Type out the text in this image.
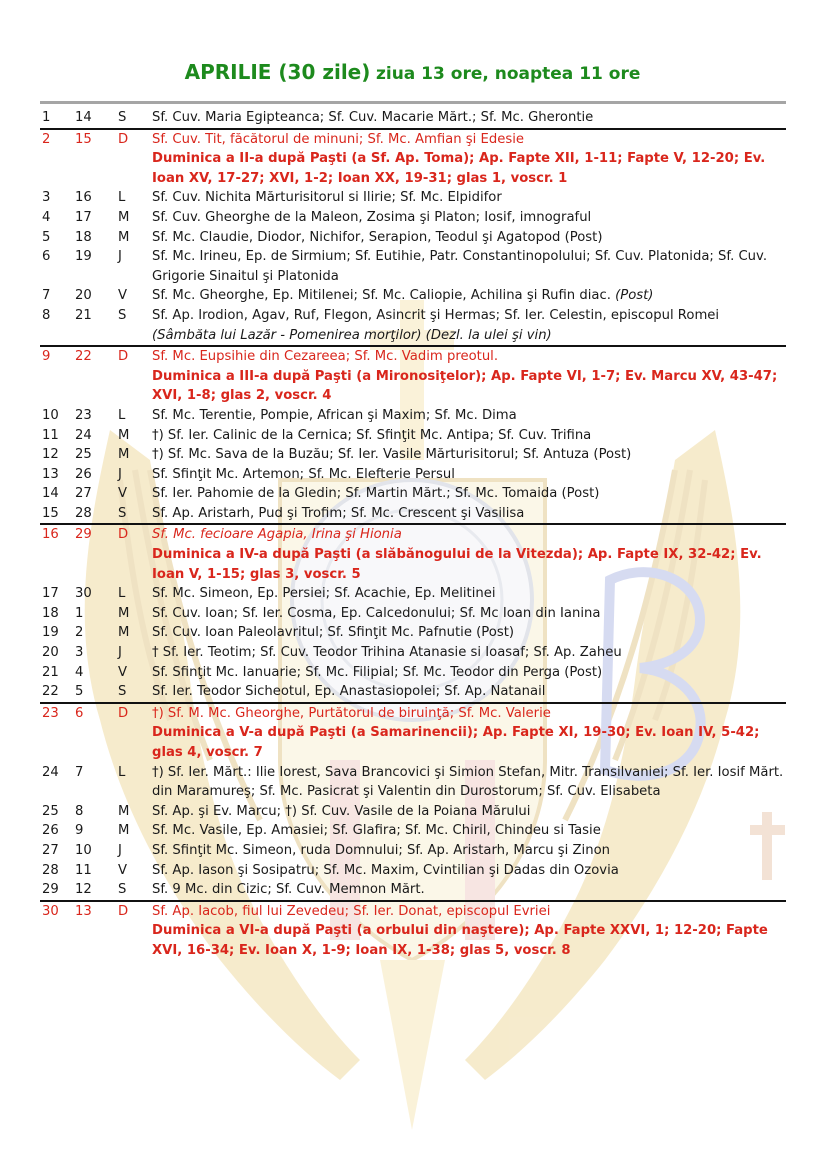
APRILIE (30 zile) ziua 13 ore, noaptea 11 ore
1	14	S	Sf. Cuv. Maria Egipteanca; Sf. Cuv. Macarie Mărt.; Sf. Mc. Gherontie
2	15	D	Sf. Cuv. Tit, făcătorul de minuni; Sf. Mc. Amfian şi Edesie
Duminica a II-a după Paşti (a Sf. Ap. Toma); Ap. Fapte XII, 1-11; Fapte V, 12-20; Ev. Ioan XV, 17-27; XVI, 1-2; Ioan XX, 19-31; glas 1, voscr. 1
3	16	L	Sf. Cuv. Nichita Mărturisitorul si Ilirie; Sf. Mc. Elpidifor
4	17	M	Sf. Cuv. Gheorghe de la Maleon, Zosima şi Platon; Iosif, imnograful
5	18	M	Sf. Mc. Claudie, Diodor, Nichifor, Serapion, Teodul şi Agatopod (Post)
6	19	J	Sf. Mc. Irineu, Ep. de Sirmium; Sf. Eutihie, Patr. Constantinopolului; Sf. Cuv. Platonida; Sf. Cuv. Grigorie Sinaitul şi Platonida
7	20	V	Sf. Mc. Gheorghe, Ep. Mitilenei; Sf. Mc. Caliopie, Achilina şi Rufin diac. (Post)
8	21	S	Sf. Ap. Irodion, Agav, Ruf, Flegon, Asincrit şi Hermas; Sf. Ier. Celestin, episcopul Romei (Sâmbăta lui Lazăr - Pomenirea morţilor) (Dezl. la ulei şi vin)
9	22	D	Sf. Mc. Eupsihie din Cezareea; Sf. Mc. Vadim preotul.
Duminica a III-a după Paşti (a Mironosiţelor); Ap. Fapte VI, 1-7; Ev. Marcu XV, 43-47; XVI, 1-8; glas 2, voscr. 4
10	23	L	Sf. Mc. Terentie, Pompie, African şi Maxim; Sf. Mc. Dima
11	24	M	†) Sf. Ier. Calinic de la Cernica; Sf. Sfinţit Mc. Antipa; Sf. Cuv. Trifina
12	25	M	†) Sf. Mc. Sava de la Buzău; Sf. Ier. Vasile Mărturisitorul; Sf. Antuza (Post)
13	26	J	Sf. Sfinţit Mc. Artemon; Sf. Mc. Elefterie Persul
14	27	V	Sf. Ier. Pahomie de la Gledin; Sf. Martin Mărt.; Sf. Mc. Tomaida (Post)
15	28	S	Sf. Ap. Aristarh, Pud şi Trofim; Sf. Mc. Crescent şi Vasilisa
16	29	D	Sf. Mc. fecioare Agapia, Irina şi Hionia
Duminica a IV-a după Paşti (a slăbănogului de la Vitezda); Ap. Fapte IX, 32-42; Ev. Ioan V, 1-15; glas 3, voscr. 5
17	30	L	Sf. Mc. Simeon, Ep. Persiei; Sf. Acachie, Ep. Melitinei
18	1	M	Sf. Cuv. Ioan; Sf. Ier. Cosma, Ep. Calcedonului; Sf. Mc Ioan din Ianina
19	2	M	Sf. Cuv. Ioan Paleolavritul; Sf. Sfinţit Mc. Pafnutie (Post)
20	3	J	† Sf. Ier. Teotim; Sf. Cuv. Teodor Trihina Atanasie si Ioasaf; Sf. Ap. Zaheu
21	4	V	Sf. Sfinţit Mc. Ianuarie; Sf. Mc. Filipial; Sf. Mc. Teodor din Perga (Post)
22	5	S	Sf. Ier. Teodor Sicheotul, Ep. Anastasiopolei; Sf. Ap. Natanail
23	6	D	†) Sf. M. Mc. Gheorghe, Purtătorul de biruinţă; Sf. Mc. Valerie
Duminica a V-a după Paşti (a Samarinencii); Ap. Fapte XI, 19-30; Ev. Ioan IV, 5-42; glas 4, voscr. 7
24	7	L	†) Sf. Ier. Mărt.: Ilie Iorest, Sava Brancovici şi Simion Stefan, Mitr. Transilvaniei; Sf. Ier. Iosif Mărt. din Maramureş; Sf. Mc. Pasicrat şi Valentin din Durostorum; Sf. Cuv. Elisabeta
25	8	M	Sf. Ap. şi Ev. Marcu; †) Sf. Cuv. Vasile de la Poiana Mărului
26	9	M	Sf. Mc. Vasile, Ep. Amasiei; Sf. Glafira; Sf. Mc. Chiril, Chindeu si Tasie
27	10	J	Sf. Sfinţit Mc. Simeon, ruda Domnului; Sf. Ap. Aristarh, Marcu şi Zinon
28	11	V	Sf. Ap. Iason şi Sosipatru; Sf. Mc. Maxim, Cvintilian şi Dadas din Ozovia
29	12	S	Sf. 9 Mc. din Cizic; Sf. Cuv. Memnon Mărt.
30	13	D	Sf. Ap. Iacob, fiul lui Zevedeu; Sf. Ier. Donat, episcopul Evriei
Duminica a VI-a după Paşti (a orbului din naştere); Ap. Fapte XXVI, 1; 12-20; Fapte XVI, 16-34; Ev. Ioan X, 1-9; Ioan IX, 1-38; glas 5, voscr. 8
